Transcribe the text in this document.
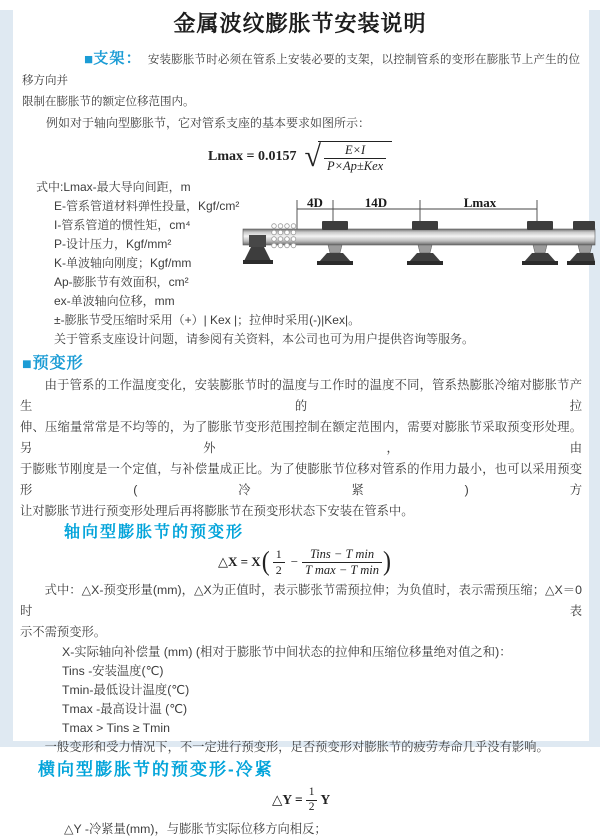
金属波纹膨胀节安装说明
■支架： 安装膨胀节时必须在管系上安装必要的支架，以控制管系的变形在膨胀节上产生的位移方向并
限制在膨胀节的额定位移范围内。
例如对于轴向型膨胀节，它对管系支座的基本要求如图所示：
Lmax = 0.0157 √ $\frac{E\times I}{\text{P×Ap±Kex}}$
式中:Lmax-最大导向间距，m
E-管系管道材料弹性投量，Kgf/cm²
I-管系管道的惯性矩，cm⁴
P-设计压力，Kgf/mm²
K-单波轴向刚度；Kgf/mm
Ap-膨胀节有效面积，cm²
ex-单波轴向位移，mm
±-膨胀节受压缩时采用（+）| Kex |；拉伸时采用(-)|Kex|。
关于管系支座设计问题，请参阅有关资料，本公司也可为用户提供咨询等服务。
4D	14D	Lmax
■预变形
由于管系的工作温度变化，安装膨胀节时的温度与工作时的温度不同，管系热膨胀冷缩对膨胀节产生的拉
伸、压缩量常常是不均等的，为了膨胀节变形范围控制在额定范围内，需要对膨胀节采取预变形处理。另外，由
于膨账节刚度是一个定值，与补偿量成正比。为了使膨胀节位移对管系的作用力最小，也可以采用预变形(冷紧)方
让对膨胀节进行预变形处理后再将膨胀节在预变形状态下安装在管系中。
轴向型膨胀节的预变形
△X = X ( $\frac{1}{2} - \frac{\text{Tins − T min}}{\text{T max − T min}}$ )
式中：△X-预变形量(mm)，△X为正值时，表示膨张节需预拉伸；为负值时，表示需预压缩；△X＝0时表
示不需预变形。
X-实际轴向补偿量 (mm) (相对于膨胀节中间状态的拉伸和压缩位移量绝对值之和)：
Tins -安装温度(℃)
Tmin-最低设计温度(℃)
Tmax -最高设计温 (℃)
Tmax > Tins ≥ Tmin
一般变形和受力情况下，不一定进行预变形，足否预变形对膨胀节的疲劳寿命几乎没有影响。
横向型膨胀节的预变形-冷紧
△Y = $\frac{1}{2}$ Y
△Y -冷紧量(mm)，与膨胀节实际位移方向相反；
